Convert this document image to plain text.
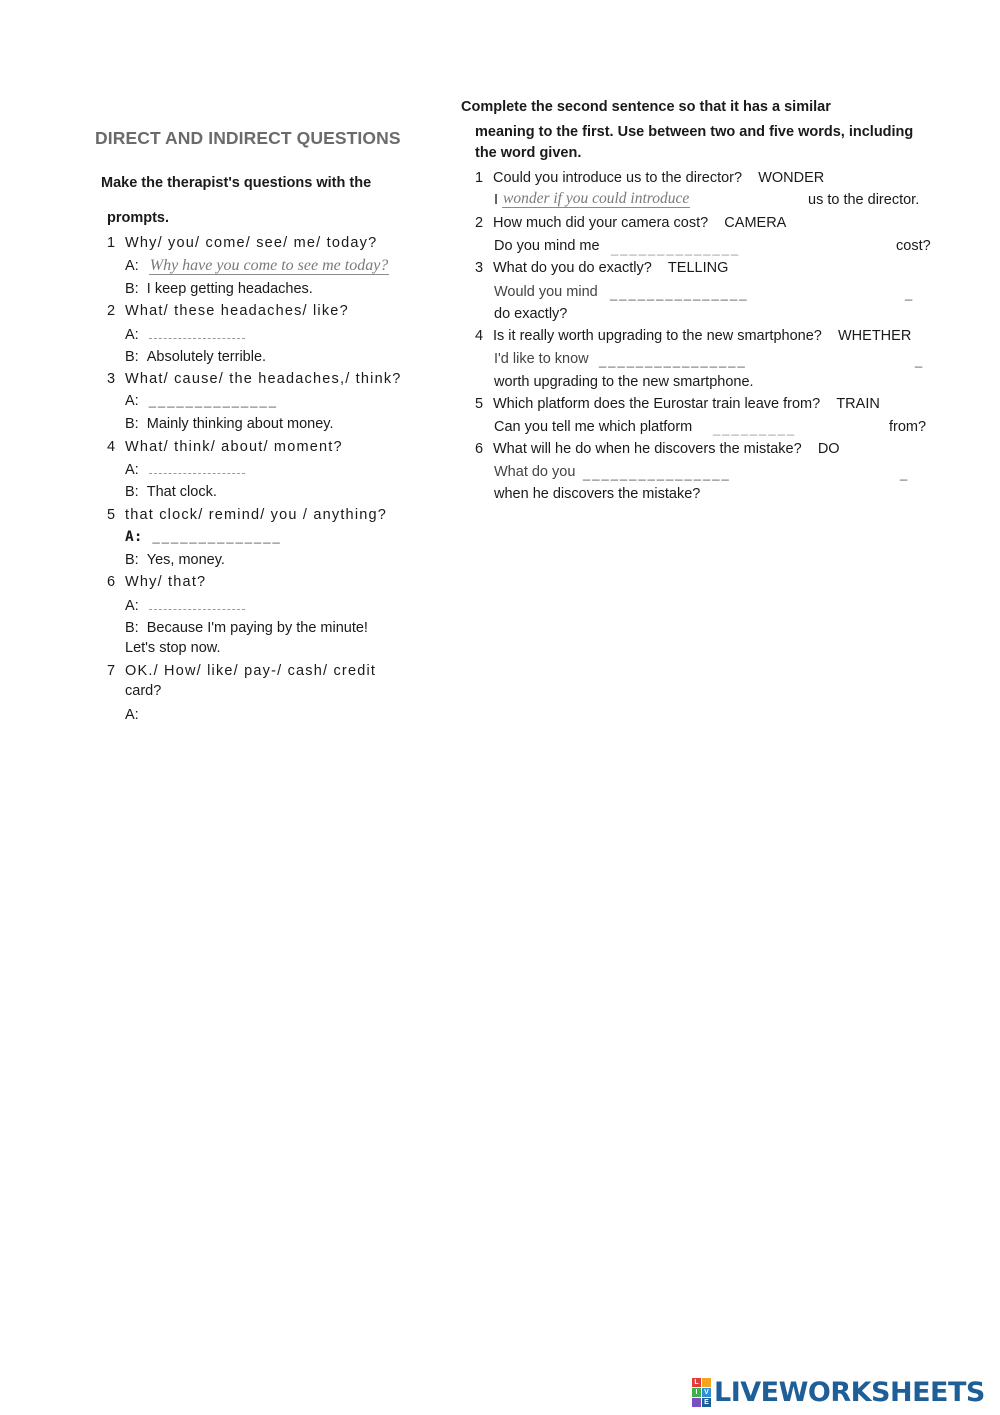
DIRECT AND INDIRECT QUESTIONS
Make the therapist's questions with the
prompts.
1 Why/ you/ come/ see/ me/ today?
A: Why have you come to see me today?
B: I keep getting headaches.
2 What/ these headaches/ like?
A:
B: Absolutely terrible.
3 What/ cause/ the headaches,/ think?
A: ______________
B: Mainly thinking about money.
4 What/ think/ about/ moment?
A:
B: That clock.
5 that clock/ remind/ you / anything?
A: ______________
B: Yes, money.
6 Why/ that?
A:
B: Because I'm paying by the minute!
Let's stop now.
7 OK./ How/ like/ pay-/ cash/ credit
card?
A:
Complete the second sentence so that it has a similar
meaning to the first. Use between two and five words, including
the word given.
1 Could you introduce us to the director? WONDER
I wonder if you could introduce	us to the director.
2 How much did your camera cost? CAMERA
Do you mind me ______________	cost?
3 What do you do exactly? TELLING
Would you mind _______________	_
do exactly?
4 Is it really worth upgrading to the new smartphone? WHETHER
I'd like to know ________________	_
worth upgrading to the new smartphone.
5 Which platform does the Eurostar train leave from? TRAIN
Can you tell me which platform _________	from?
6 What will he do when he discovers the mistake? DO
What do you ________________	_
when he discovers the mistake?
L
I V
E LIVEWORKSHEETS
